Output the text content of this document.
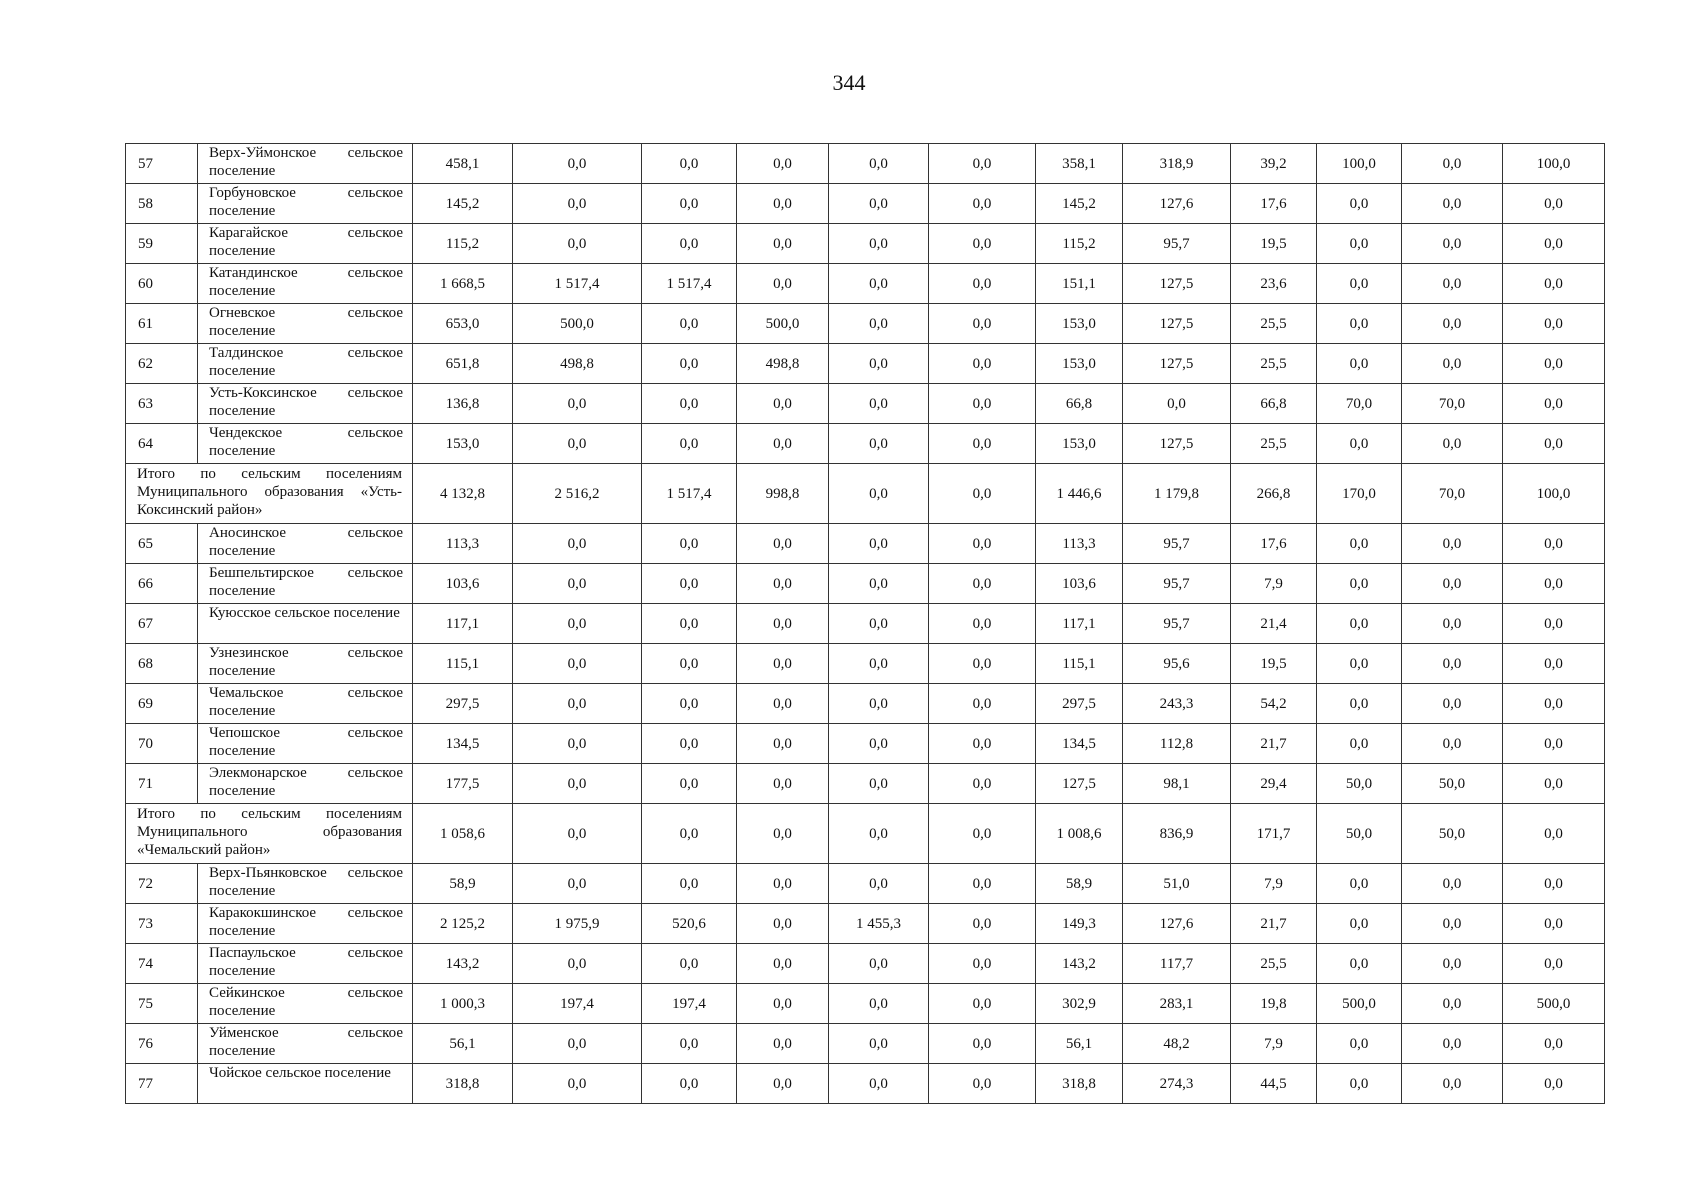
344
57	Верх-Уймонское сельское поселение	458,1	0,0	0,0	0,0	0,0	0,0	358,1	318,9	39,2	100,0	0,0	100,0
58	Горбуновское сельское поселение	145,2	0,0	0,0	0,0	0,0	0,0	145,2	127,6	17,6	0,0	0,0	0,0
59	Карагайское сельское поселение	115,2	0,0	0,0	0,0	0,0	0,0	115,2	95,7	19,5	0,0	0,0	0,0
60	Катандинское сельское поселение	1 668,5	1 517,4	1 517,4	0,0	0,0	0,0	151,1	127,5	23,6	0,0	0,0	0,0
61	Огневское сельское поселение	653,0	500,0	0,0	500,0	0,0	0,0	153,0	127,5	25,5	0,0	0,0	0,0
62	Талдинское сельское поселение	651,8	498,8	0,0	498,8	0,0	0,0	153,0	127,5	25,5	0,0	0,0	0,0
63	Усть-Коксинское сельское поселение	136,8	0,0	0,0	0,0	0,0	0,0	66,8	0,0	66,8	70,0	70,0	0,0
64	Чендекское сельское поселение	153,0	0,0	0,0	0,0	0,0	0,0	153,0	127,5	25,5	0,0	0,0	0,0
Итого по сельским поселениям Муниципального образования «Усть-Коксинский район»		4 132,8	2 516,2	1 517,4	998,8	0,0	0,0	1 446,6	1 179,8	266,8	170,0	70,0	100,0
65	Аносинское сельское поселение	113,3	0,0	0,0	0,0	0,0	0,0	113,3	95,7	17,6	0,0	0,0	0,0
66	Бешпельтирское сельское поселение	103,6	0,0	0,0	0,0	0,0	0,0	103,6	95,7	7,9	0,0	0,0	0,0
67	Куюсское сельское поселение	117,1	0,0	0,0	0,0	0,0	0,0	117,1	95,7	21,4	0,0	0,0	0,0
68	Узнезинское сельское поселение	115,1	0,0	0,0	0,0	0,0	0,0	115,1	95,6	19,5	0,0	0,0	0,0
69	Чемальское сельское поселение	297,5	0,0	0,0	0,0	0,0	0,0	297,5	243,3	54,2	0,0	0,0	0,0
70	Чепошское сельское поселение	134,5	0,0	0,0	0,0	0,0	0,0	134,5	112,8	21,7	0,0	0,0	0,0
71	Элекмонарское сельское поселение	177,5	0,0	0,0	0,0	0,0	0,0	127,5	98,1	29,4	50,0	50,0	0,0
Итого по сельским поселениям Муниципального образования «Чемальский район»		1 058,6	0,0	0,0	0,0	0,0	0,0	1 008,6	836,9	171,7	50,0	50,0	0,0
72	Верх-Пьянковское сельское поселение	58,9	0,0	0,0	0,0	0,0	0,0	58,9	51,0	7,9	0,0	0,0	0,0
73	Каракокшинское сельское поселение	2 125,2	1 975,9	520,6	0,0	1 455,3	0,0	149,3	127,6	21,7	0,0	0,0	0,0
74	Паспаульское сельское поселение	143,2	0,0	0,0	0,0	0,0	0,0	143,2	117,7	25,5	0,0	0,0	0,0
75	Сейкинское сельское поселение	1 000,3	197,4	197,4	0,0	0,0	0,0	302,9	283,1	19,8	500,0	0,0	500,0
76	Уйменское сельское поселение	56,1	0,0	0,0	0,0	0,0	0,0	56,1	48,2	7,9	0,0	0,0	0,0
77	Чойское сельское поселение	318,8	0,0	0,0	0,0	0,0	0,0	318,8	274,3	44,5	0,0	0,0	0,0
